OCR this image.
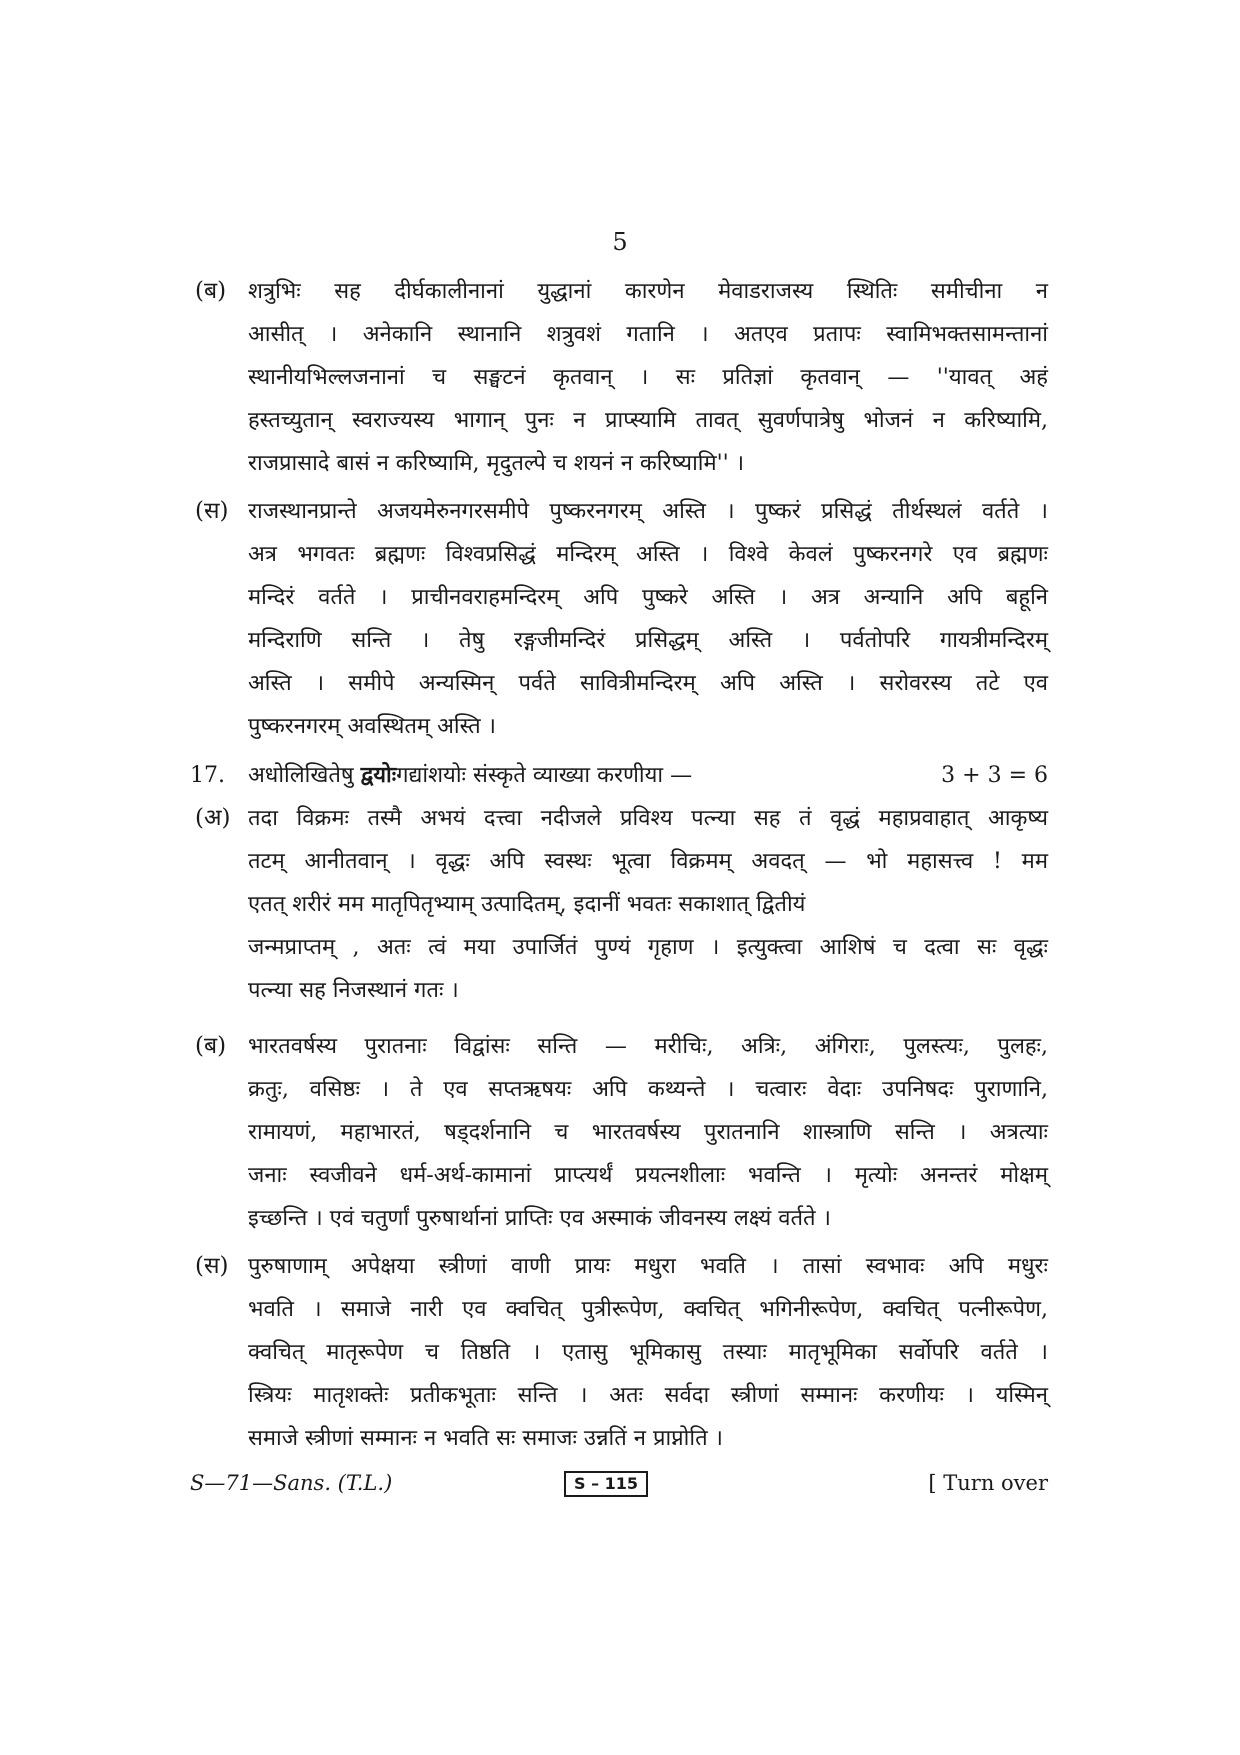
5
(ब) शत्रुभिः सह दीर्घकालीनानां युद्धानां कारणेन मेवाडराजस्य स्थितिः समीचीना न
आसीत् । अनेकानि स्थानानि शत्रुवशं गतानि । अतएव प्रतापः स्वामिभक्तसामन्तानां
स्थानीयभिल्लजनानां च सङ्घटनं कृतवान् । सः प्रतिज्ञां कृतवान् — ''यावत् अहं
हस्तच्युतान् स्वराज्यस्य भागान् पुनः न प्राप्स्यामि तावत् सुवर्णपात्रेषु भोजनं न करिष्यामि,
राजप्रासादे बासं न करिष्यामि, मृदुतल्पे च शयनं न करिष्यामि'' ।
(स) राजस्थानप्रान्ते अजयमेरुनगरसमीपे पुष्करनगरम् अस्ति । पुष्करं प्रसिद्धं तीर्थस्थलं वर्तते ।
अत्र भगवतः ब्रह्मणः विश्वप्रसिद्धं मन्दिरम् अस्ति । विश्वे केवलं पुष्करनगरे एव ब्रह्मणः
मन्दिरं वर्तते । प्राचीनवराहमन्दिरम् अपि पुष्करे अस्ति । अत्र अन्यानि अपि बहूनि
मन्दिराणि सन्ति । तेषु रङ्गजीमन्दिरं प्रसिद्धम् अस्ति । पर्वतोपरि गायत्रीमन्दिरम्
अस्ति । समीपे अन्यस्मिन् पर्वते सावित्रीमन्दिरम् अपि अस्ति । सरोवरस्य तटे एव
पुष्करनगरम् अवस्थितम् अस्ति ।
17. अधोलिखितेषु द्वयोःगद्यांशयोः संस्कृते व्याख्या करणीया —	3 + 3 = 6
(अ) तदा विक्रमः तस्मै अभयं दत्त्वा नदीजले प्रविश्य पत्न्या सह तं वृद्धं महाप्रवाहात् आकृष्य
तटम् आनीतवान् । वृद्धः अपि स्वस्थः भूत्वा विक्रमम् अवदत् — भो महासत्त्व ! मम
एतत् शरीरं मम मातृपितृभ्याम् उत्पादितम्, इदानीं भवतः सकाशात् द्वितीयं
जन्मप्राप्तम् , अतः त्वं मया उपार्जितं पुण्यं गृहाण । इत्युक्त्वा आशिषं च दत्वा सः वृद्धः
पत्न्या सह निजस्थानं गतः ।
(ब) भारतवर्षस्य पुरातनाः विद्वांसः सन्ति — मरीचिः, अत्रिः, अंगिराः, पुलस्त्यः, पुलहः,
क्रतुः, वसिष्ठः । ते एव सप्तऋषयः अपि कथ्यन्ते । चत्वारः वेदाः उपनिषदः पुराणानि,
रामायणं, महाभारतं, षड्दर्शनानि च भारतवर्षस्य पुरातनानि शास्त्राणि सन्ति । अत्रत्याः
जनाः स्वजीवने धर्म-अर्थ-कामानां प्राप्त्यर्थं प्रयत्नशीलाः भवन्ति । मृत्योः अनन्तरं मोक्षम्
इच्छन्ति । एवं चतुर्णां पुरुषार्थानां प्राप्तिः एव अस्माकं जीवनस्य लक्ष्यं वर्तते ।
(स) पुरुषाणाम् अपेक्षया स्त्रीणां वाणी प्रायः मधुरा भवति । तासां स्वभावः अपि मधुरः
भवति । समाजे नारी एव क्वचित् पुत्रीरूपेण, क्वचित् भगिनीरूपेण, क्वचित् पत्नीरूपेण,
क्वचित् मातृरूपेण च तिष्ठति । एतासु भूमिकासु तस्याः मातृभूमिका सर्वोपरि वर्तते ।
स्त्रियः मातृशक्तेः प्रतीकभूताः सन्ति । अतः सर्वदा स्त्रीणां सम्मानः करणीयः । यस्मिन्
समाजे स्त्रीणां सम्मानः न भवति सः समाजः उन्नतिं न प्राप्नोति ।
S—71—Sans. (T.L.)	S – 115	[ Turn over
